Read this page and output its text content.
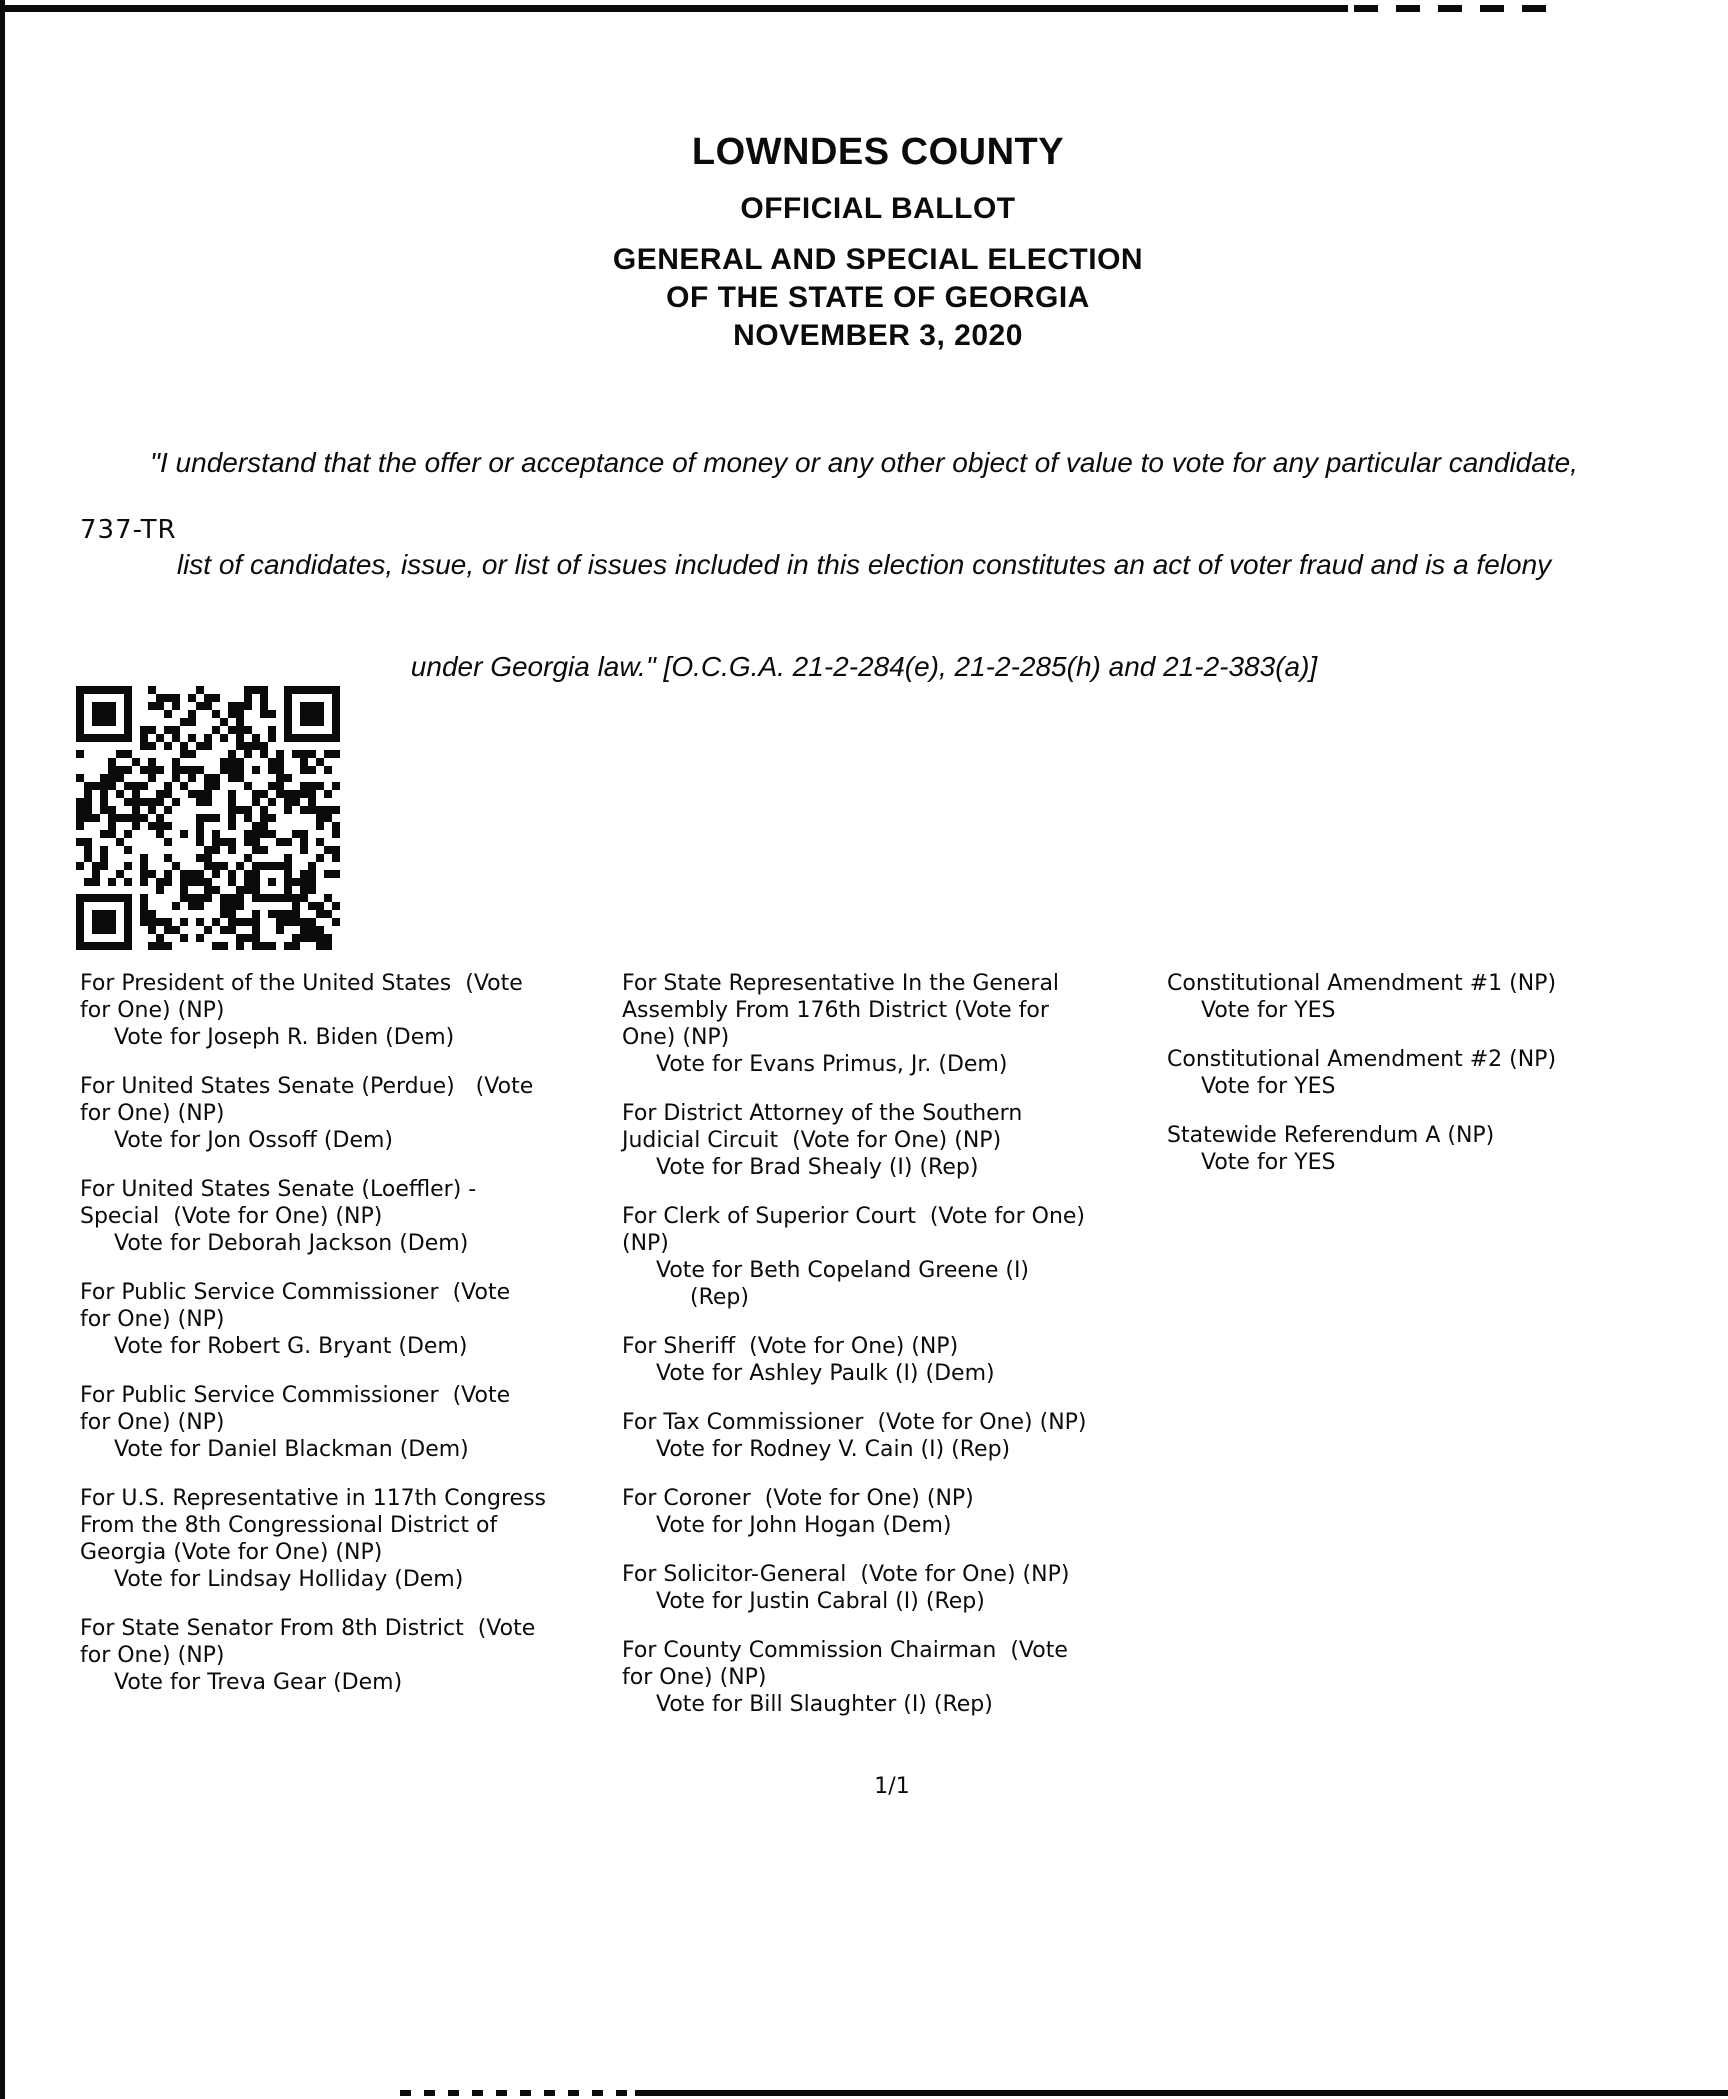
LOWNDES COUNTY
OFFICIAL BALLOT
GENERAL AND SPECIAL ELECTION
OF THE STATE OF GEORGIA
NOVEMBER 3, 2020

"I understand that the offer or acceptance of money or any other object of value to vote for any particular candidate,

list of candidates, issue, or list of issues included in this election constitutes an act of voter fraud and is a felony

under Georgia law." [O.C.G.A. 21-2-284(e), 21-2-285(h) and 21-2-383(a)]

737-TR
For President of the United States  (Vote
for One) (NP)
Vote for Joseph R. Biden (Dem)
For United States Senate (Perdue)   (Vote
for One) (NP)
Vote for Jon Ossoff (Dem)
For United States Senate (Loeffler) -
Special  (Vote for One) (NP)
Vote for Deborah Jackson (Dem)
For Public Service Commissioner  (Vote
for One) (NP)
Vote for Robert G. Bryant (Dem)
For Public Service Commissioner  (Vote
for One) (NP)
Vote for Daniel Blackman (Dem)
For U.S. Representative in 117th Congress
From the 8th Congressional District of
Georgia (Vote for One) (NP)
Vote for Lindsay Holliday (Dem)
For State Senator From 8th District  (Vote
for One) (NP)
Vote for Treva Gear (Dem)
For State Representative In the General
Assembly From 176th District (Vote for
One) (NP)
Vote for Evans Primus, Jr. (Dem)
For District Attorney of the Southern
Judicial Circuit  (Vote for One) (NP)
Vote for Brad Shealy (I) (Rep)
For Clerk of Superior Court  (Vote for One)
(NP)
Vote for Beth Copeland Greene (I)
(Rep)
For Sheriff  (Vote for One) (NP)
Vote for Ashley Paulk (I) (Dem)
For Tax Commissioner  (Vote for One) (NP)
Vote for Rodney V. Cain (I) (Rep)
For Coroner  (Vote for One) (NP)
Vote for John Hogan (Dem)
For Solicitor-General  (Vote for One) (NP)
Vote for Justin Cabral (I) (Rep)
For County Commission Chairman  (Vote
for One) (NP)
Vote for Bill Slaughter (I) (Rep)
Constitutional Amendment #1 (NP)
Vote for YES
Constitutional Amendment #2 (NP)
Vote for YES
Statewide Referendum A (NP)
Vote for YES
1/1
